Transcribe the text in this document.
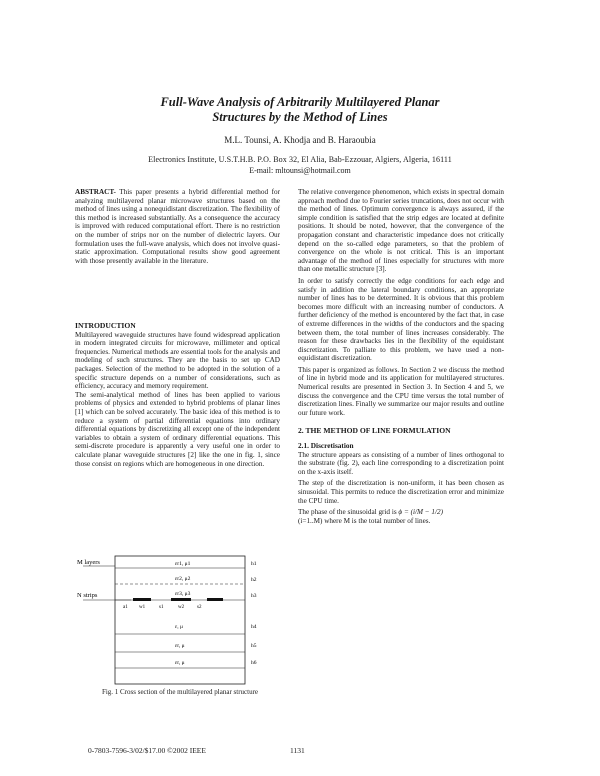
Full-Wave Analysis of Arbitrarily Multilayered Planar
Structures by the Method of Lines
M.L. Tounsi, A. Khodja and B. Haraoubia
Electronics Institute, U.S.T.H.B. P.O. Box 32, El Alia, Bab-Ezzouar, Algiers, Algeria, 16111
E-mail: mltounsi@hotmail.com

ABSTRACT- This paper presents a hybrid differential method for analyzing multilayered planar microwave structures based on the method of lines using a nonequidistant discretization. The flexibility of this method is increased substantially. As a consequence the accuracy is improved with reduced computational effort. There is no restriction on the number of strips nor on the number of dielectric layers. Our formulation uses the full-wave analysis, which does not involve quasi-static approximation. Computational results show good agreement with those presently available in the literature.

INTRODUCTION

Multilayered waveguide structures have found widespread application in modern integrated circuits for microwave, millimeter and optical frequencies. Numerical methods are essential tools for the analysis and modeling of such structures. They are the basis to set up CAD packages. Selection of the method to be adopted in the solution of a specific structure depends on a number of considerations, such as efficiency, accuracy and memory requirement.

The semi-analytical method of lines has been applied to various problems of physics and extended to hybrid problems of planar lines [1] which can be solved accurately. The basic idea of this method is to reduce a system of partial differential equations into ordinary differential equations by discretizing all except one of the independent variables to obtain a system of ordinary differential equations. This semi-discrete procedure is apparently a very useful one in order to calculate planar waveguide structures [2] like the one in fig. 1, since those consist on regions which are homogeneous in one direction.

M layers
N strips
εr1, μ1
εr2, μ2
εr3, μ3
ε, μ
εr, μ
εr, μ
h1
h2
h3
h4
h5
h6
a1 w1	s1	w2	s2
Fig. 1 Cross section of the multilayered planar structure

The relative convergence phenomenon, which exists in spectral domain approach method due to Fourier series truncations, does not occur with the method of lines. Optimum convergence is always assured, if the simple condition is satisfied that the strip edges are located at definite positions. It should be noted, however, that the convergence of the propagation constant and characteristic impedance does not critically depend on the so-called edge parameters, so that the problem of convergence on the whole is not critical. This is an important advantage of the method of lines especially for structures with more than one metallic structure [3].

In order to satisfy correctly the edge conditions for each edge and satisfy in addition the lateral boundary conditions, an appropriate number of lines has to be determined. It is obvious that this problem becomes more difficult with an increasing number of conductors. A further deficiency of the method is encountered by the fact that, in case of extreme differences in the widths of the conductors and the spacing between them, the total number of lines increases considerably. The reason for these drawbacks lies in the flexibility of the equidistant discretization. To palliate to this problem, we have used a non-equidistant discretization.

This paper is organized as follows. In Section 2 we discuss the method of line in hybrid mode and its application for multilayered structures. Numerical results are presented in Section 3. In Section 4 and 5, we discuss the convergence and the CPU time versus the total number of discretization lines. Finally we summarize our major results and outline our future work.

2. THE METHOD OF LINE FORMULATION

2.1. Discretisation

The structure appears as consisting of a number of lines orthogonal to the substrate (fig. 2), each line corresponding to a discretization point on the x-axis itself.

The step of the discretization is non-uniform, it has been chosen as sinusoidal. This permits to reduce the discretization error and minimize the CPU time.

The phase of the sinusoidal grid is ϕ = (i/M − 1/2)

(i=1..M) where M is the total number of lines.

0-7803-7596-3/02/$17.00 ©2002 IEEE	1131
